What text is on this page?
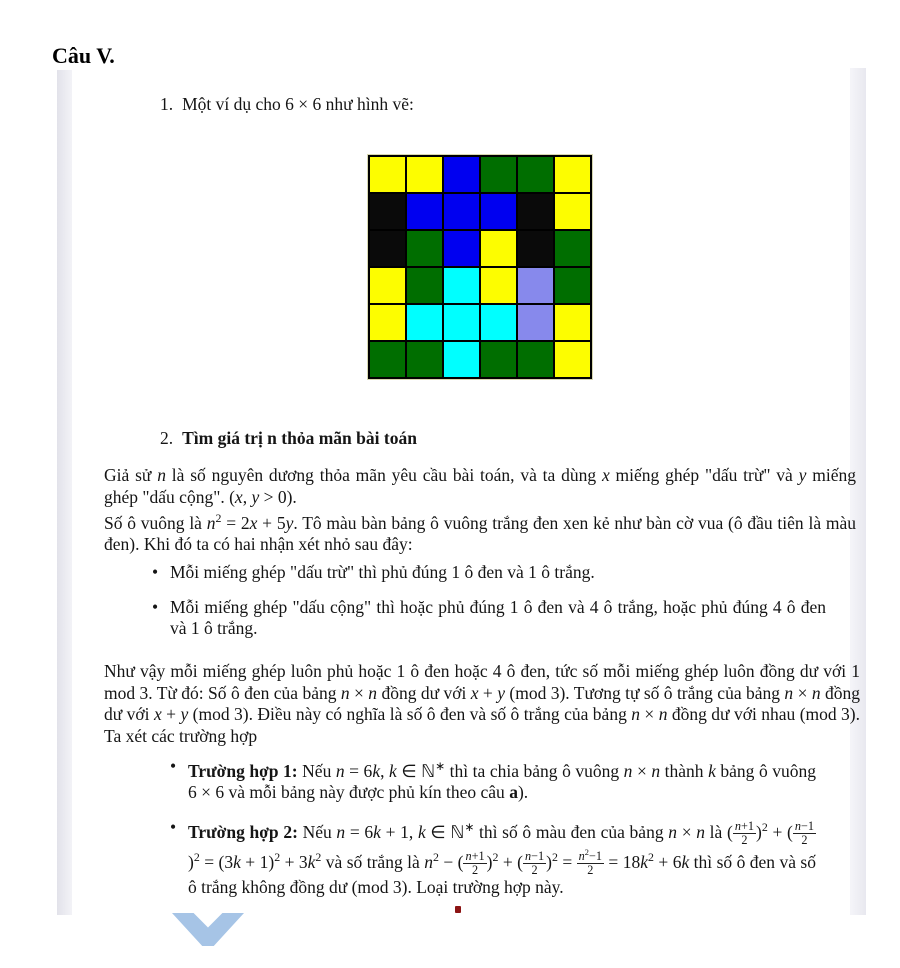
Câu V.
1. Một ví dụ cho 6 × 6 như hình vẽ:
2. Tìm giá trị n thỏa mãn bài toán
Giả sử n là số nguyên dương thỏa mãn yêu cầu bài toán, và ta dùng x miếng ghép "dấu trừ" và y miếng ghép "dấu cộng". (x, y > 0).
Số ô vuông là $n^2 = 2x + 5y$. Tô màu bàn bảng ô vuông trắng đen xen kẻ như bàn cờ vua (ô đầu tiên là màu đen). Khi đó ta có hai nhận xét nhỏ sau đây:
• Mỗi miếng ghép "dấu trừ" thì phủ đúng 1 ô đen và 1 ô trắng.
• Mỗi miếng ghép "dấu cộng" thì hoặc phủ đúng 1 ô đen và 4 ô trắng, hoặc phủ đúng 4 ô đen và 1 ô trắng.
Như vậy mỗi miếng ghép luôn phủ hoặc 1 ô đen hoặc 4 ô đen, tức số mỗi miếng ghép luôn đồng dư với 1 mod 3. Từ đó: Số ô đen của bảng n × n đồng dư với x + y (mod 3). Tương tự số ô trắng của bảng n × n đồng dư với x + y (mod 3). Điều này có nghĩa là số ô đen và số ô trắng của bảng n × n đồng dư với nhau (mod 3). Ta xét các trường hợp
• Trường hợp 1: Nếu n = 6k, k ∈ ℕ∗ thì ta chia bảng ô vuông n × n thành k bảng ô vuông 6 × 6 và mỗi bảng này được phủ kín theo câu a).
• Trường hợp 2: Nếu n = 6k + 1, k ∈ ℕ∗ thì số ô màu đen của bảng n × n là ( $\frac{n+1}{2} )^2$ + ( $\frac{n-1}{2}$
)$^2 = (3k + 1)^2 + 3k^2$ và số trắng là $n^2$ − ( $\frac{n+1}{2} )^2$ + ( $\frac{n-1}{2} )^2 = \frac{n^2-1}{2} = 18k^2 + 6k$ thì số ô đen và số ô trắng không đồng dư (mod 3). Loại trường hợp này.
